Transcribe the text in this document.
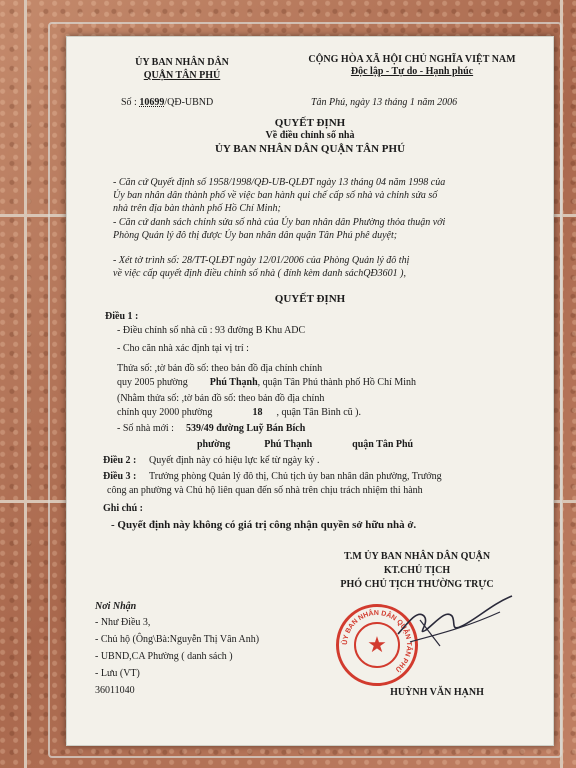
ỦY BAN NHÂN DÂN
QUẬN TÂN PHÚ
CỘNG HÒA XÃ HỘI CHỦ NGHĨA VIỆT NAM
Độc lập - Tự do - Hạnh phúc
Số : 10699/QĐ-UBND	Tân Phú, ngày 13 tháng 1 năm 2006
QUYẾT ĐỊNH
Về điều chỉnh số nhà
ỦY BAN NHÂN DÂN QUẬN TÂN PHÚ
- Căn cứ Quyết định số 1958/1998/QĐ-UB-QLĐT ngày 13 tháng 04 năm 1998 của
Ủy ban nhân dân thành phố về việc ban hành qui chế cấp số nhà và chỉnh sửa số
nhà trên địa bàn thành phố Hồ Chí Minh;
- Căn cứ danh sách chỉnh sửa số nhà của Ủy ban nhân dân Phường thỏa thuận với
Phòng Quản lý đô thị được Ủy ban nhân dân quận Tân Phú phê duyệt;
- Xét tờ trình số: 28/TT-QLĐT ngày 12/01/2006 của Phòng Quản lý đô thị
về việc cấp quyết định điều chỉnh số nhà ( đính kèm danh sáchQĐ3601 ),
QUYẾT ĐỊNH
Điều 1 :
- Điều chỉnh số nhà cũ : 93 đường B Khu ADC
- Cho căn nhà xác định tại vị trí :
Thửa số: ,tờ bản đồ số: theo bản đồ địa chính chính
quy 2005 phường Phú Thạnh, quận Tân Phú thành phố Hồ Chí Minh
(Nhằm thửa số: ,tờ bản đồ số: theo bản đồ địa chính
chính quy 2000 phường	18 , quận Tân Bình cũ ).
- Số nhà mới : 539/49 đường Luỹ Bán Bích
phường	Phú Thạnh	quận Tân Phú
Điều 2 : Quyết định này có hiệu lực kể từ ngày ký .
Điều 3 : Trưởng phòng Quản lý đô thị, Chủ tịch ủy ban nhân dân phường, Trưởng
công an phường và Chủ hộ liên quan đến số nhà trên chịu trách nhiệm thi hành
Ghi chú :
- Quyết định này không có giá trị công nhận quyền sở hữu nhà ở.
T.M ỦY BAN NHÂN DÂN QUẬN
KT.CHỦ TỊCH
PHÓ CHỦ TỊCH THƯỜNG TRỰC
Nơi Nhận
- Như Điều 3,
- Chủ hộ (Ông\Bà:Nguyễn Thị Vân Anh)
- UBND,CA Phường ( danh sách )
- Lưu (VT)
36011040	HUỲNH VĂN HẠNH
★
ỦY BAN NHÂN DÂN QUẬN TÂN PHÚ
